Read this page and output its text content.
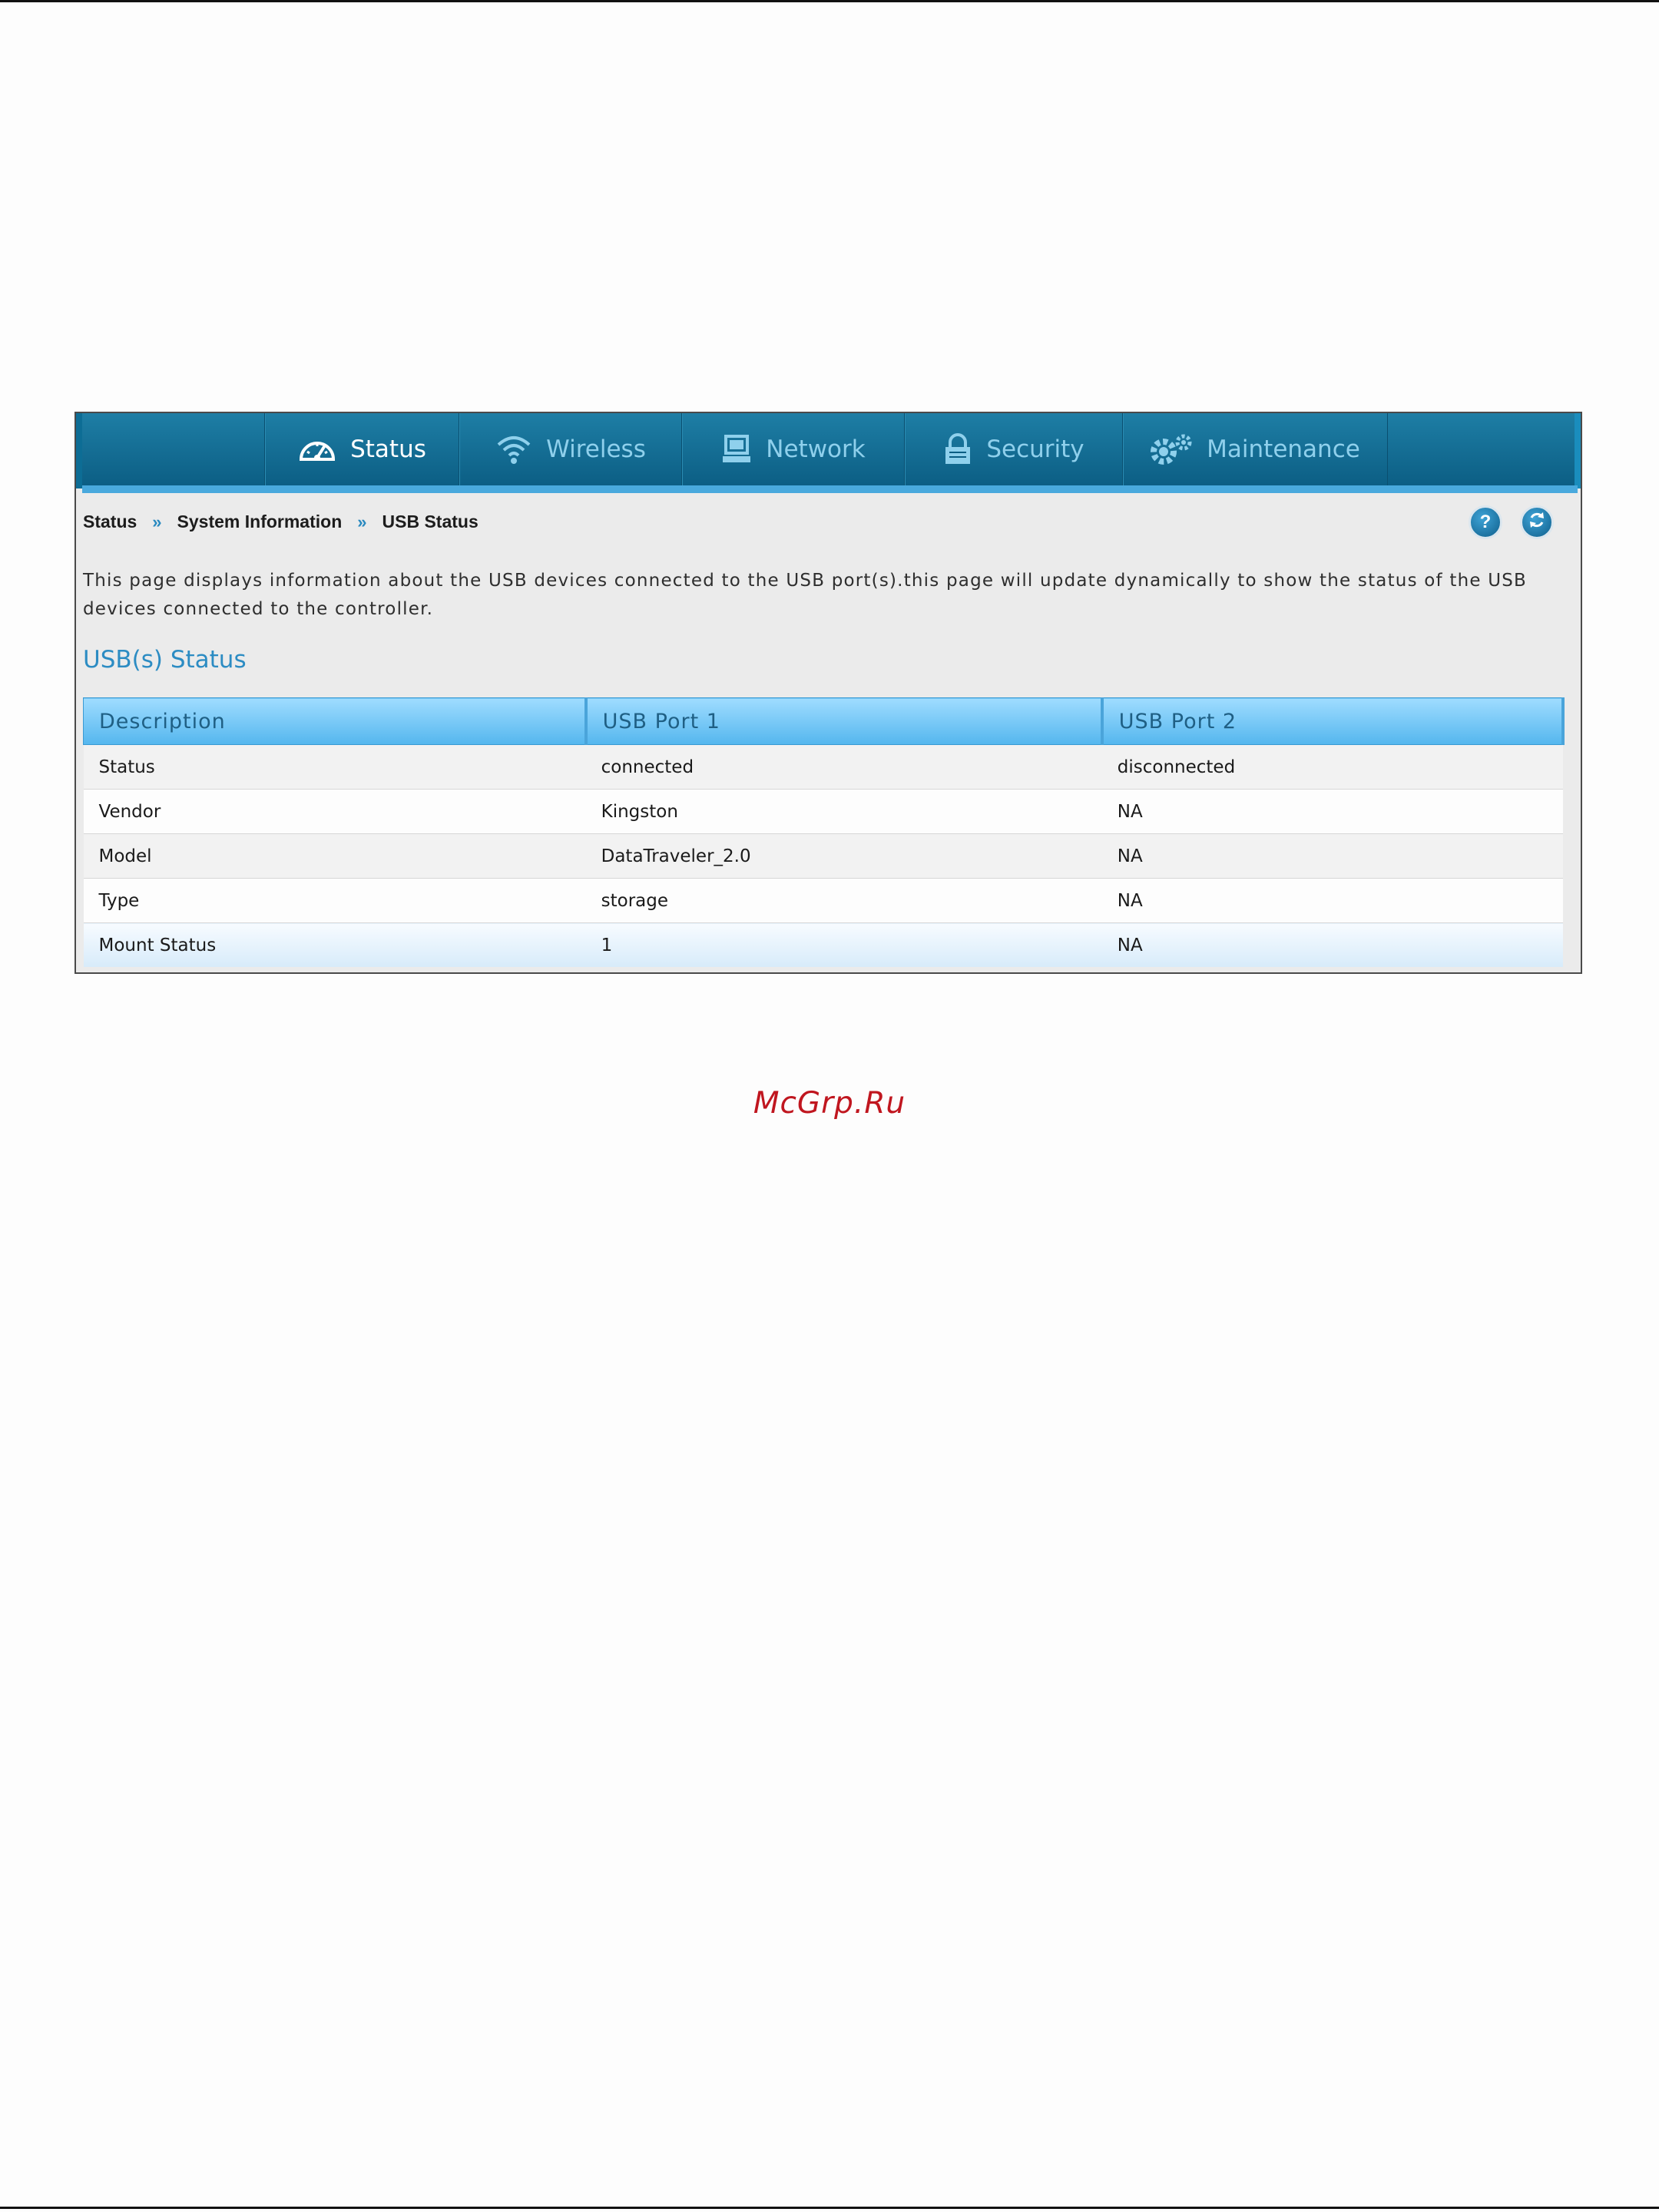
Status	Wireless	Network	Security	Maintenance
Status » System Information » USB Status	?
This page displays information about the USB devices connected to the USB port(s).this page will update dynamically to show the status of the USB devices connected to the controller.
USB(s) Status
Description	USB Port 1	USB Port 2
Status	connected	disconnected
Vendor	Kingston	NA
Model	DataTraveler_2.0	NA
Type	storage	NA
Mount Status	1	NA
McGrp.Ru
